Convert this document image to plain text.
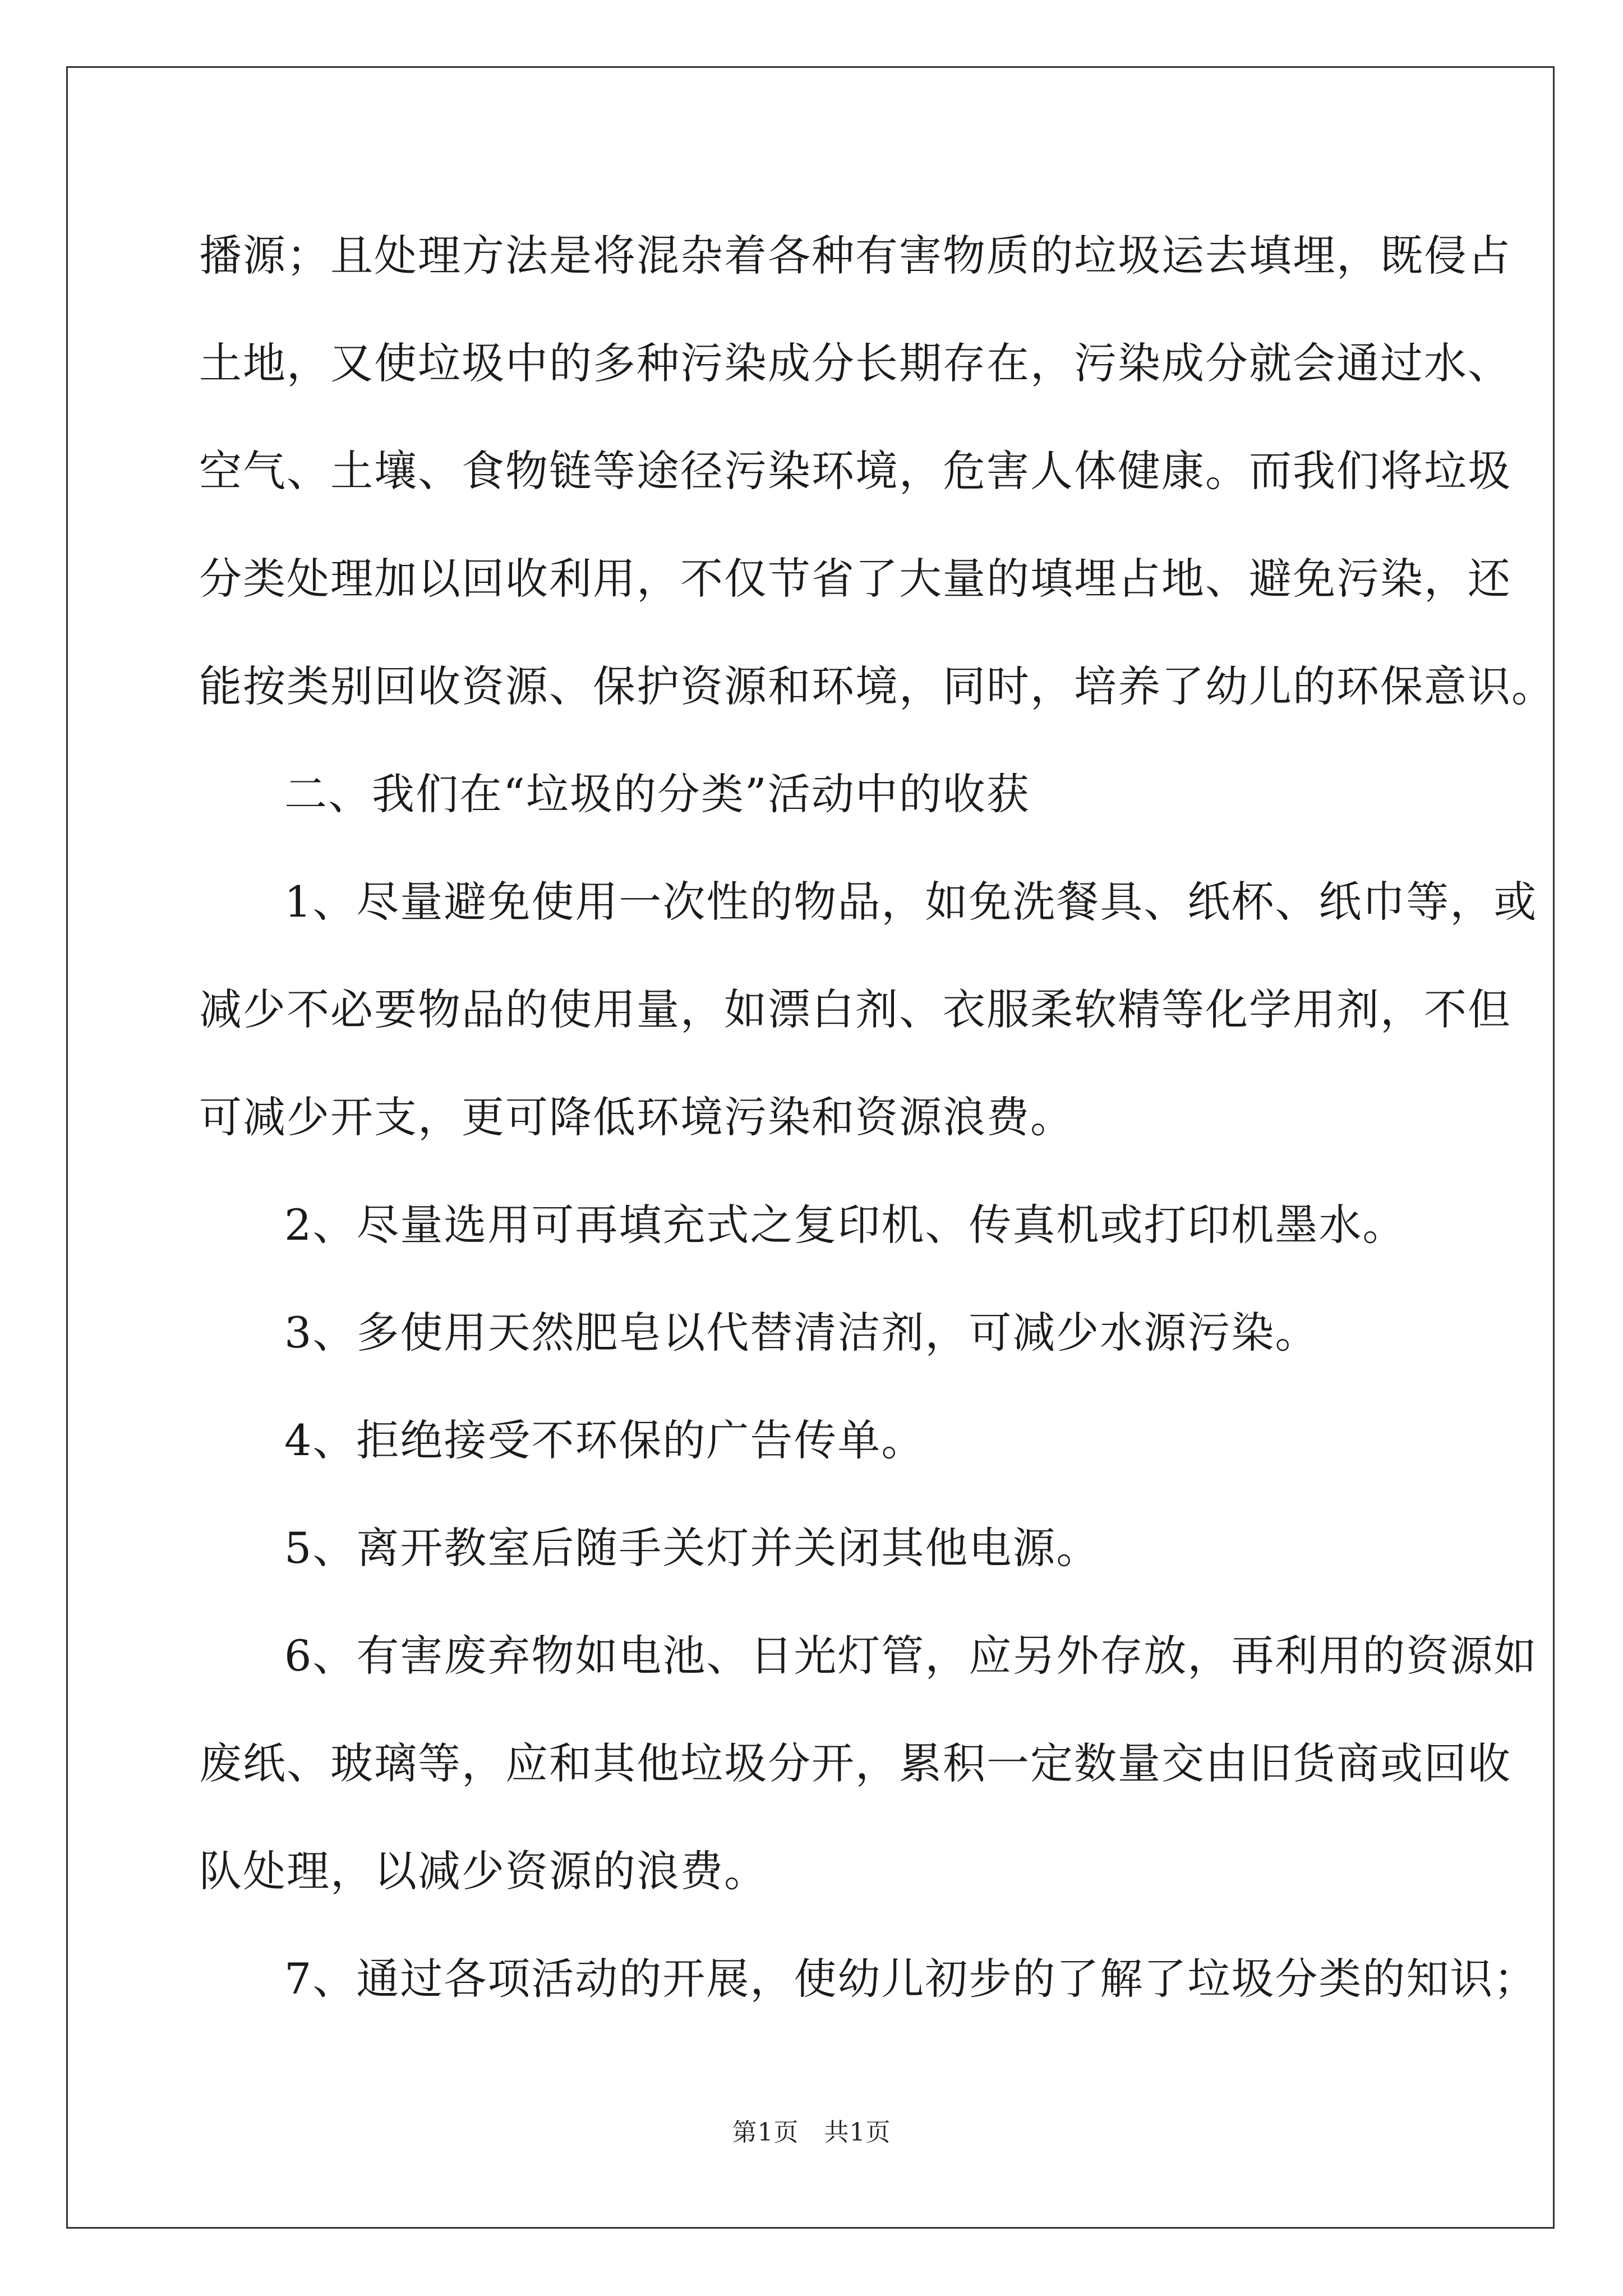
播源；且处理方法是将混杂着各种有害物质的垃圾运去填埋，既侵占

土地，又使垃圾中的多种污染成分长期存在，污染成分就会通过水、

空气、土壤、食物链等途径污染环境，危害人体健康。而我们将垃圾

分类处理加以回收利用，不仅节省了大量的填埋占地、避免污染，还

能按类别回收资源、保护资源和环境，同时，培养了幼儿的环保意识。

二、我们在“垃圾的分类”活动中的收获

1、尽量避免使用一次性的物品，如免洗餐具、纸杯、纸巾等，或

减少不必要物品的使用量，如漂白剂、衣服柔软精等化学用剂，不但

可减少开支，更可降低环境污染和资源浪费。

2、尽量选用可再填充式之复印机、传真机或打印机墨水。

3、多使用天然肥皂以代替清洁剂，可减少水源污染。

4、拒绝接受不环保的广告传单。

5、离开教室后随手关灯并关闭其他电源。

6、有害废弃物如电池、日光灯管，应另外存放，再利用的资源如

废纸、玻璃等，应和其他垃圾分开，累积一定数量交由旧货商或回收

队处理，以减少资源的浪费。

7、通过各项活动的开展，使幼儿初步的了解了垃圾分类的知识；

第1页　共1页
